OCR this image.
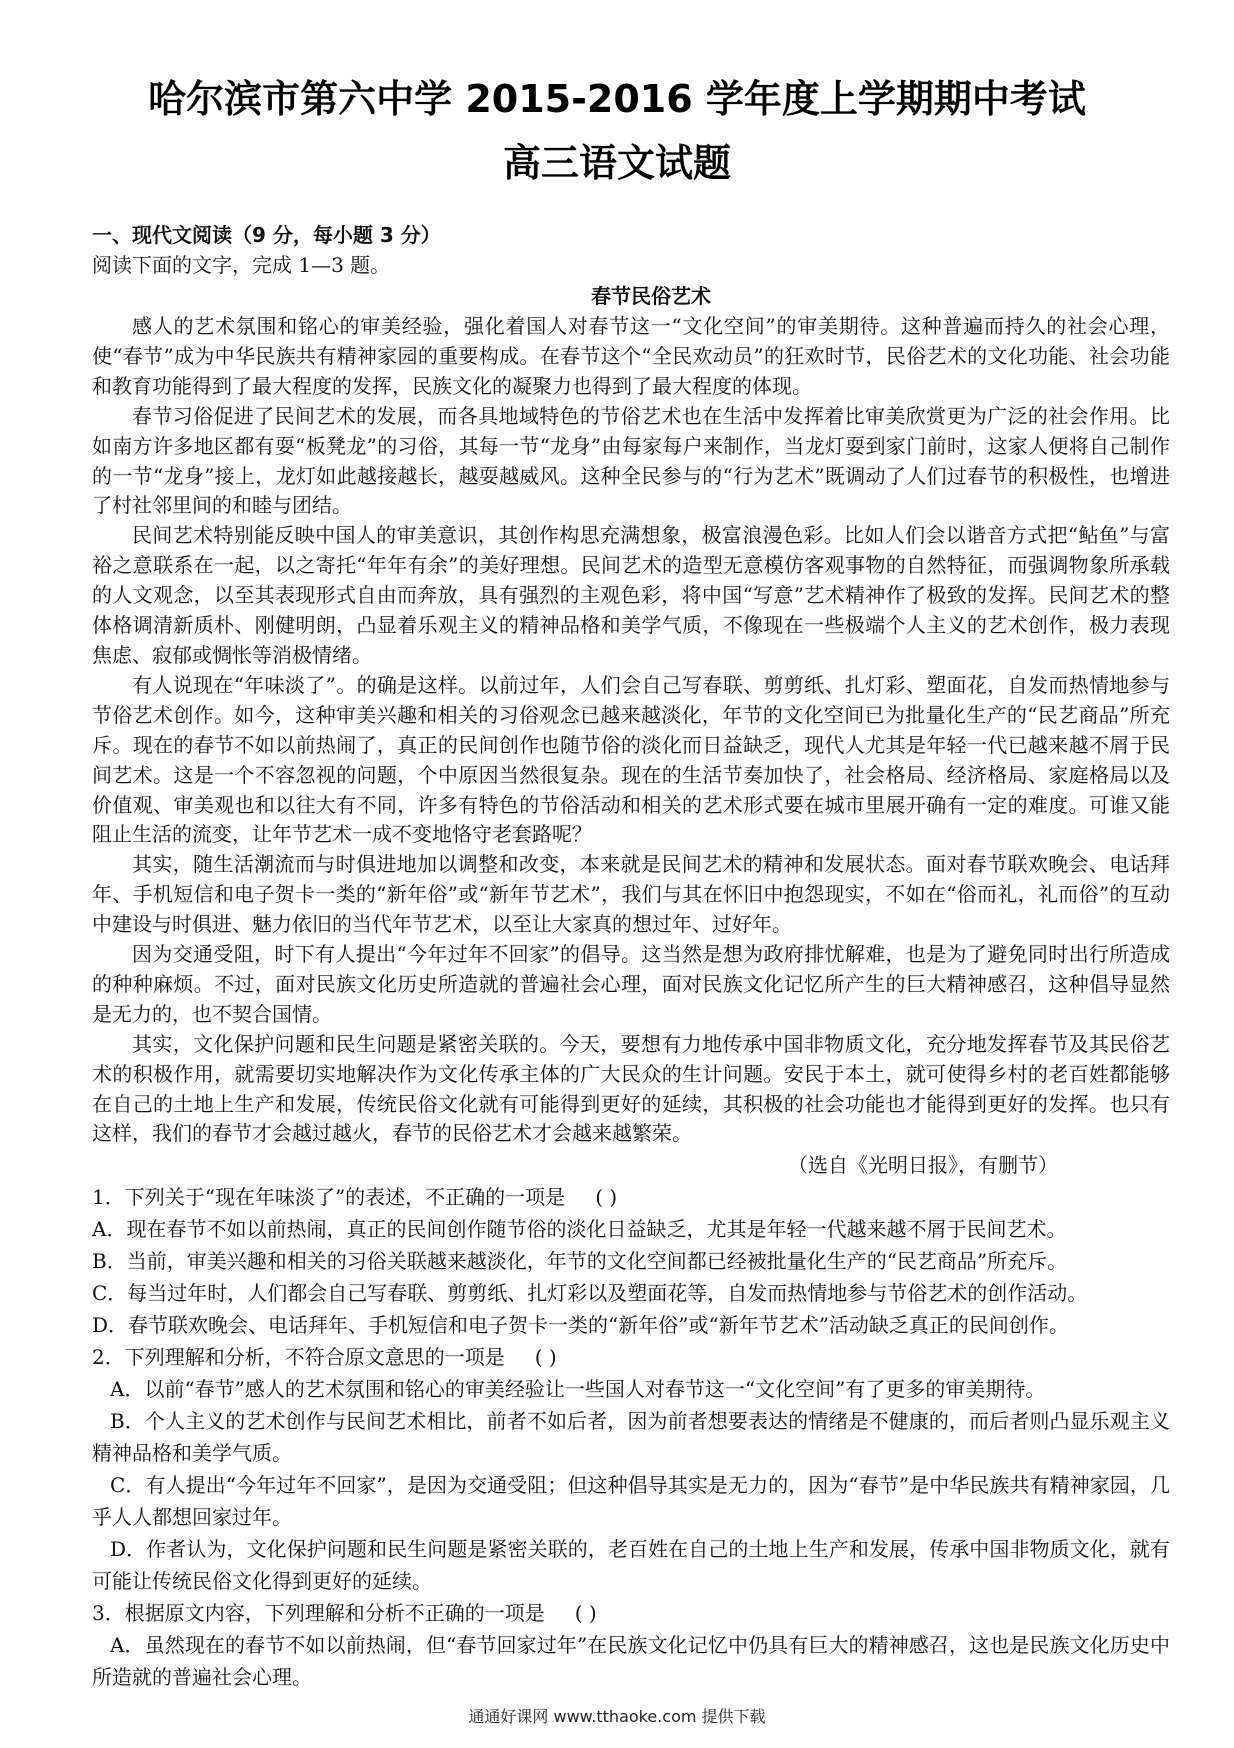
哈尔滨市第六中学 2015-2016 学年度上学期期中考试
高三语文试题
一、现代文阅读（9 分，每小题 3 分）
阅读下面的文字，完成 1—3 题。
春节民俗艺术

感人的艺术氛围和铭心的审美经验，强化着国人对春节这一“文化空间”的审美期待。这种普遍而持久的社会心理，使“春节”成为中华民族共有精神家园的重要构成。在春节这个“全民欢动员”的狂欢时节，民俗艺术的文化功能、社会功能和教育功能得到了最大程度的发挥，民族文化的凝聚力也得到了最大程度的体现。

春节习俗促进了民间艺术的发展，而各具地域特色的节俗艺术也在生活中发挥着比审美欣赏更为广泛的社会作用。比如南方许多地区都有耍“板凳龙”的习俗，其每一节“龙身”由每家每户来制作，当龙灯耍到家门前时，这家人便将自己制作的一节“龙身”接上，龙灯如此越接越长，越耍越威风。这种全民参与的“行为艺术”既调动了人们过春节的积极性，也增进了村社邻里间的和睦与团结。

民间艺术特别能反映中国人的审美意识，其创作构思充满想象，极富浪漫色彩。比如人们会以谐音方式把“鲇鱼”与富裕之意联系在一起，以之寄托“年年有余”的美好理想。民间艺术的造型无意模仿客观事物的自然特征，而强调物象所承载的人文观念，以至其表现形式自由而奔放，具有强烈的主观色彩，将中国“写意”艺术精神作了极致的发挥。民间艺术的整体格调清新质朴、刚健明朗，凸显着乐观主义的精神品格和美学气质，不像现在一些极端个人主义的艺术创作，极力表现焦虑、寂郁或惆怅等消极情绪。

有人说现在“年味淡了”。的确是这样。以前过年，人们会自己写春联、剪剪纸、扎灯彩、塑面花，自发而热情地参与节俗艺术创作。如今，这种审美兴趣和相关的习俗观念已越来越淡化，年节的文化空间已为批量化生产的“民艺商品”所充斥。现在的春节不如以前热闹了，真正的民间创作也随节俗的淡化而日益缺乏，现代人尤其是年轻一代已越来越不屑于民间艺术。这是一个不容忽视的问题，个中原因当然很复杂。现在的生活节奏加快了，社会格局、经济格局、家庭格局以及价值观、审美观也和以往大有不同，许多有特色的节俗活动和相关的艺术形式要在城市里展开确有一定的难度。可谁又能阻止生活的流变，让年节艺术一成不变地恪守老套路呢？

其实，随生活潮流而与时俱进地加以调整和改变，本来就是民间艺术的精神和发展状态。面对春节联欢晚会、电话拜年、手机短信和电子贺卡一类的“新年俗”或“新年节艺术”，我们与其在怀旧中抱怨现实，不如在“俗而礼，礼而俗”的互动中建设与时俱进、魅力依旧的当代年节艺术，以至让大家真的想过年、过好年。

因为交通受阻，时下有人提出“今年过年不回家”的倡导。这当然是想为政府排忧解难，也是为了避免同时出行所造成的种种麻烦。不过，面对民族文化历史所造就的普遍社会心理，面对民族文化记忆所产生的巨大精神感召，这种倡导显然是无力的，也不契合国情。

其实，文化保护问题和民生问题是紧密关联的。今天，要想有力地传承中国非物质文化，充分地发挥春节及其民俗艺术的积极作用，就需要切实地解决作为文化传承主体的广大民众的生计问题。安民于本土，就可使得乡村的老百姓都能够在自己的土地上生产和发展，传统民俗文化就有可能得到更好的延续，其积极的社会功能也才能得到更好的发挥。也只有这样，我们的春节才会越过越火，春节的民俗艺术才会越来越繁荣。

（选自《光明日报》，有删节）

1．下列关于“现在年味淡了”的表述，不正确的一项是 ( )

A．现在春节不如以前热闹，真正的民间创作随节俗的淡化日益缺乏，尤其是年轻一代越来越不屑于民间艺术。

B．当前，审美兴趣和相关的习俗关联越来越淡化，年节的文化空间都已经被批量化生产的“民艺商品”所充斥。

C．每当过年时，人们都会自己写春联、剪剪纸、扎灯彩以及塑面花等，自发而热情地参与节俗艺术的创作活动。

D．春节联欢晚会、电话拜年、手机短信和电子贺卡一类的“新年俗”或“新年节艺术”活动缺乏真正的民间创作。

2．下列理解和分析，不符合原文意思的一项是 ( )

A．以前“春节”感人的艺术氛围和铭心的审美经验让一些国人对春节这一“文化空间”有了更多的审美期待。

B．个人主义的艺术创作与民间艺术相比，前者不如后者，因为前者想要表达的情绪是不健康的，而后者则凸显乐观主义精神品格和美学气质。

C．有人提出“今年过年不回家”，是因为交通受阻；但这种倡导其实是无力的，因为“春节”是中华民族共有精神家园，几乎人人都想回家过年。

D．作者认为，文化保护问题和民生问题是紧密关联的，老百姓在自己的土地上生产和发展，传承中国非物质文化，就有可能让传统民俗文化得到更好的延续。

3．根据原文内容，下列理解和分析不正确的一项是 ( )

A．虽然现在的春节不如以前热闹，但“春节回家过年”在民族文化记忆中仍具有巨大的精神感召，这也是民族文化历史中所造就的普遍社会心理。

通通好课网 www.tthaoke.com 提供下载
